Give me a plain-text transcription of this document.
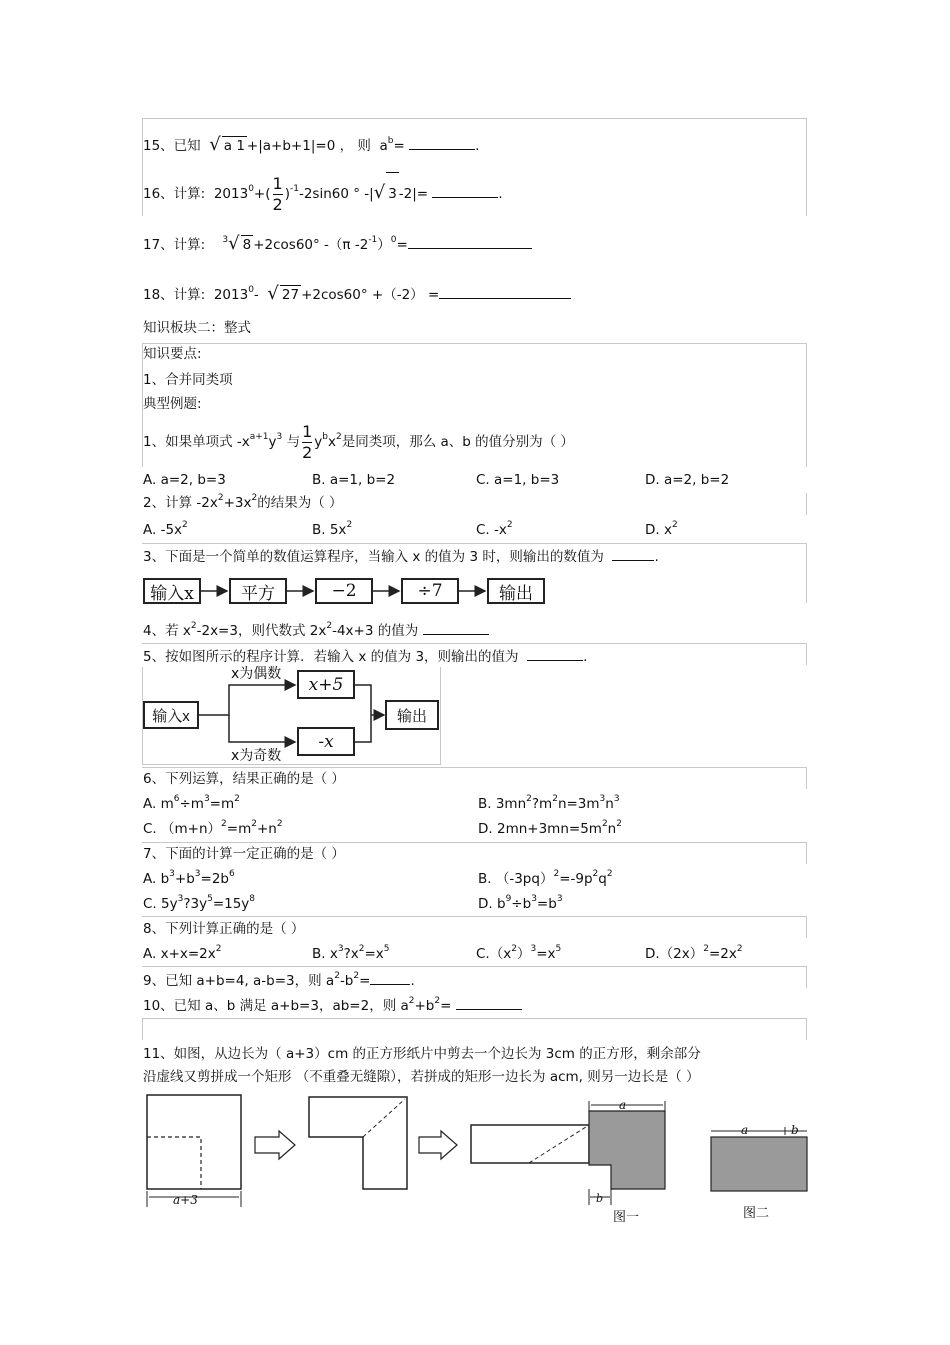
15、已知 √ a 1 +|a+b+1|=0 ， 则 $a^b=$	.
16、计算: $2013^0+( \frac{1}{2} )^{-1}-2\sin 60$ ° -|√ 3 -2|=	.
17、计算: $^3$√ 8 +2cos60° -（π $-2^{-1})^0=$
18、计算: 2013$^0$- √ 27 +2cos60° +（-2） =
知识板块二：整式
知识要点:
1、合并同类项
典型例题:
1、如果单项式 $-x^{a+1}y^3$ 与 $\frac{1}{2} y^bx^2$是同类项，那么 a、b 的值分别为（ ）
A. a=2, b=3	B. a=1, b=2	C. a=1, b=3	D. a=2, b=2
2、计算 $-2x^2+3x^2$的结果为（ ）
A. $-5x^2$	B. $5x^2$	C. $-x^2$	D. $x^2$
3、下面是一个简单的数值运算程序，当输入 x 的值为 3 时，则输出的数值为	.
输入x	平方	−2	÷7	输出
4、若 $x^2-2x=3$，则代数式 $2x^2-4x+3$ 的值为
5、按如图所示的程序计算．若输入 x 的值为 3，则输出的值为	.
输入x
x为偶数
x为奇数
x+5
-x
输出
6、下列运算，结果正确的是（ ）
A. $m^6\div m^3=m^2$	B. $3mn^2?m^2n=3m^3n^3$
C. $(m+n)^2=m^2+n^2$	D. $2mn+3mn=5m^2n^2$
7、下面的计算一定正确的是（ ）
A. $b^3+b^3=2b^6$	B. $(-3pq)^2=-9p^2q^2$
C. $5y^3?3y^5=15y^8$	D. $b^9\div b^3=b^3$
8、下列计算正确的是（ ）
A. $x+x=2x^2$	B. $x^3?x^2=x^5$	$C.(x^2)^3=x^5$	$D.(2x)^2=2x^2$
9、已知 a+b=4, a-b=3，则 $a^2-b^2=$	.
10、已知 a、b 满足 a+b=3，ab=2，则 $a^2+b^2=$
11、如图，从边长为（ a+3）cm 的正方形纸片中剪去一个边长为 3cm 的正方形，剩余部分
沿虚线又剪拼成一个矩形 （不重叠无缝隙），若拼成的矩形一边长为 acm, 则另一边长是（ ）
a+3
a
b
a	b
图一	图二
